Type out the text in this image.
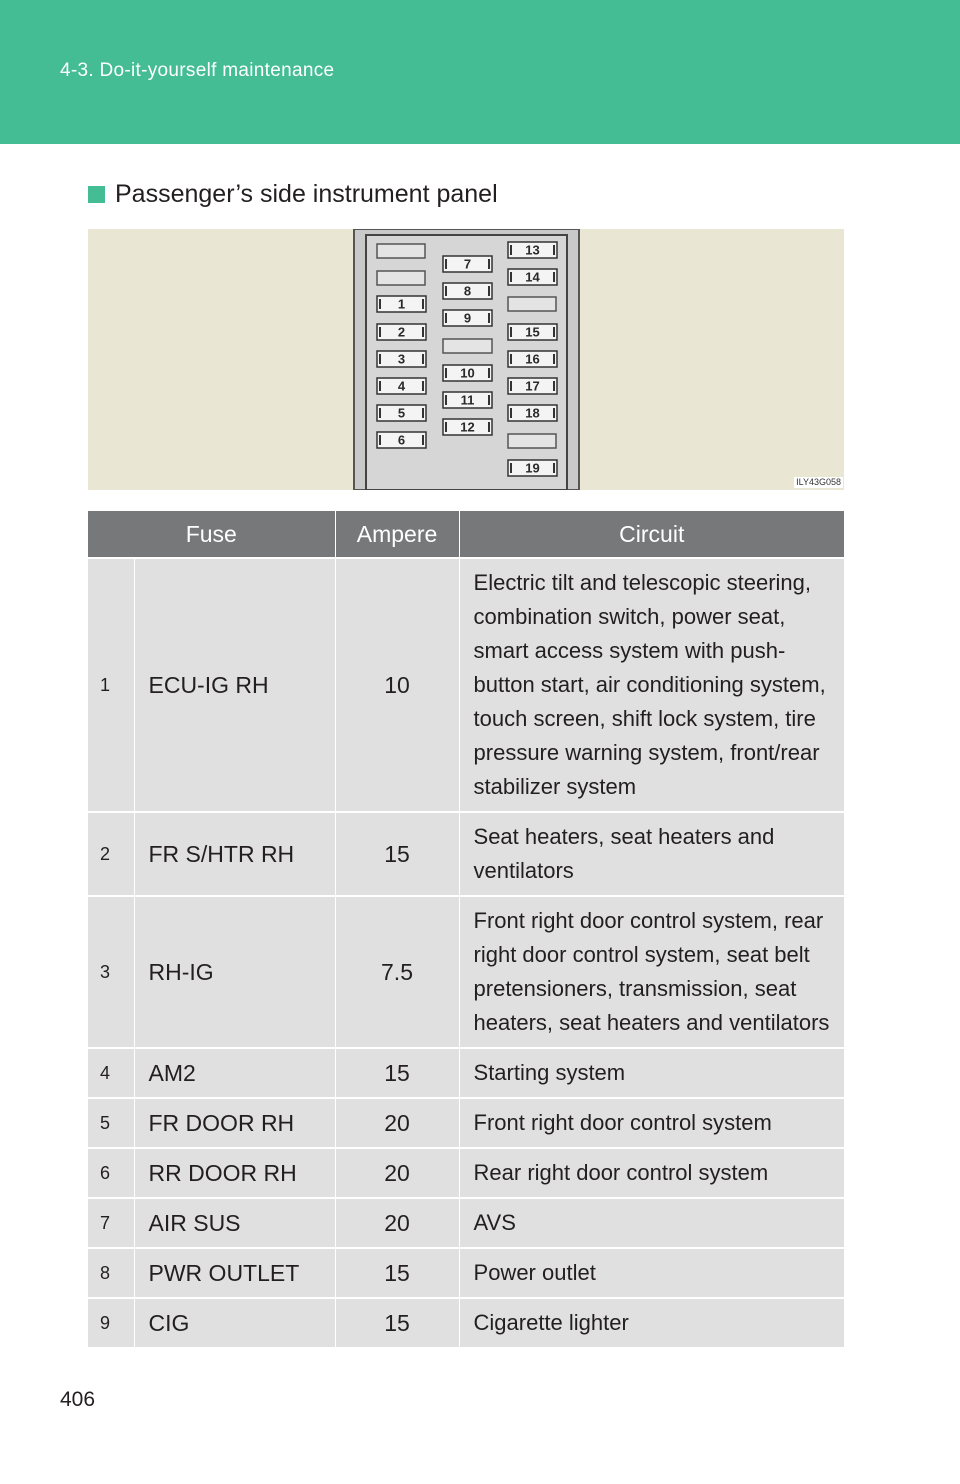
4-3. Do-it-yourself maintenance
Passenger’s side instrument panel
1
2
3
4
5
6
7
8
9
10
11
12
13
14
15
16
17
18
19
ILY43G058
Fuse		Ampere	Circuit
1	ECU-IG RH	10	Electric tilt and telescopic steering, combination switch, power seat, smart access system with push-button start, air conditioning system, touch screen, shift lock system, tire pressure warning system, front/rear stabilizer system
2	FR S/HTR RH	15	Seat heaters, seat heaters and ventilators
3	RH-IG	7.5	Front right door control system, rear right door control system, seat belt pretensioners, transmission, seat heaters, seat heaters and ventilators
4	AM2	15	Starting system
5	FR DOOR RH	20	Front right door control system
6	RR DOOR RH	20	Rear right door control system
7	AIR SUS	20	AVS
8	PWR OUTLET	15	Power outlet
9	CIG	15	Cigarette lighter
406
